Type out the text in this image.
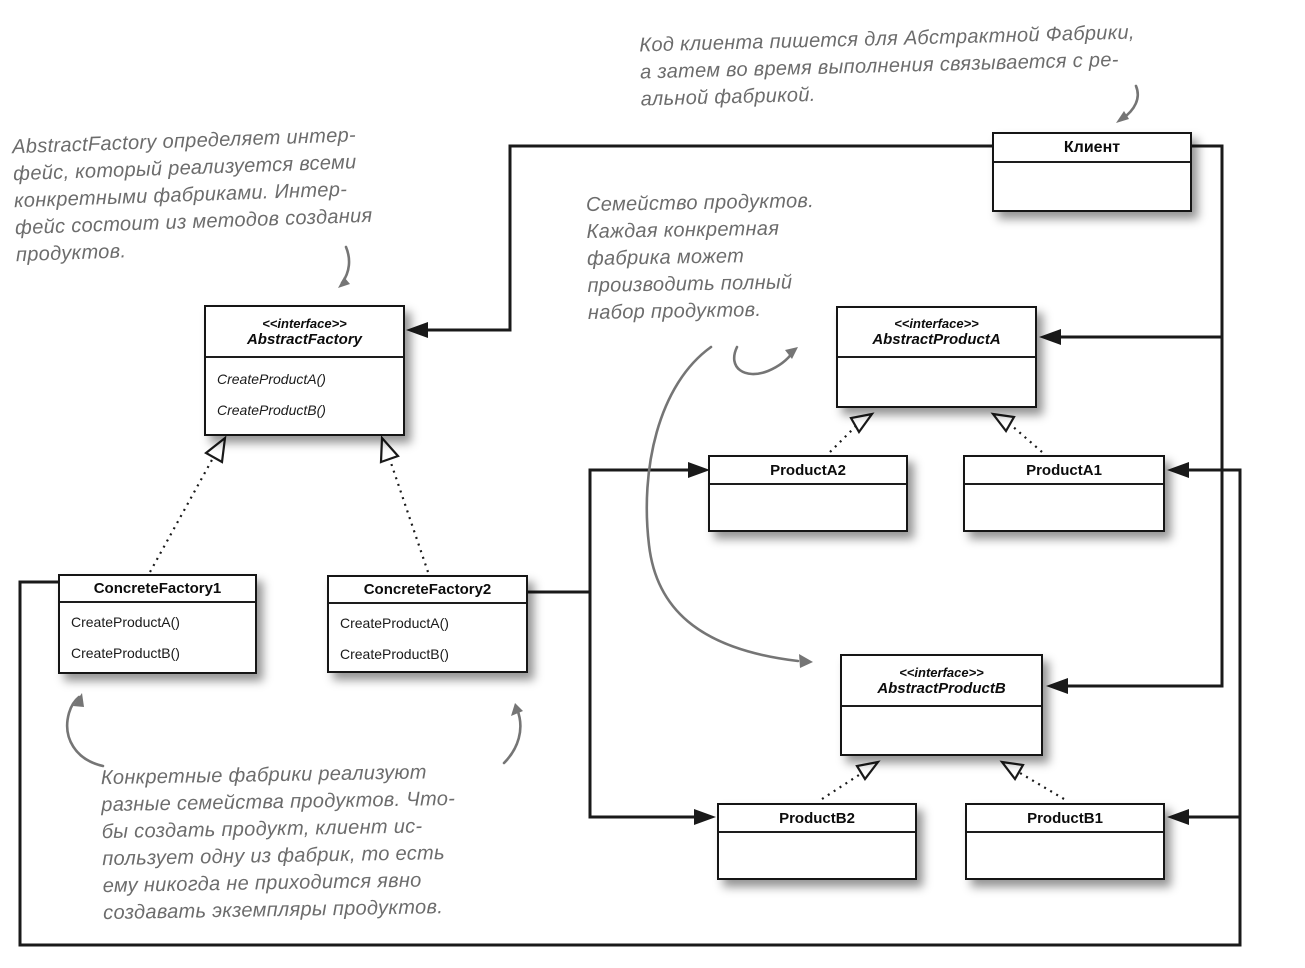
Код клиента пишется для Абстрактной Фабрики,
а затем во время выполнения связывается с ре-
альной фабрикой.
AbstractFactory определяет интер-
фейс, который реализуется всеми
конкретными фабриками. Интер-
фейс состоит из методов создания
продуктов.
Семейство продуктов.
Каждая конкретная
фабрика может
производить полный
набор продуктов.
Конкретные фабрики реализуют
разные семейства продуктов. Что-
бы создать продукт, клиент ис-
пользует одну из фабрик, то есть
ему никогда не приходится явно
создавать экземпляры продуктов.
Клиент
<<interface>>
AbstractFactory
CreateProductA()
CreateProductB()
<<interface>>
AbstractProductA
ProductA2	ProductA1
ConcreteFactory1
CreateProductA()
CreateProductB()
ConcreteFactory2
CreateProductA()
CreateProductB()
<<interface>>
AbstractProductB
ProductB2	ProductB1
